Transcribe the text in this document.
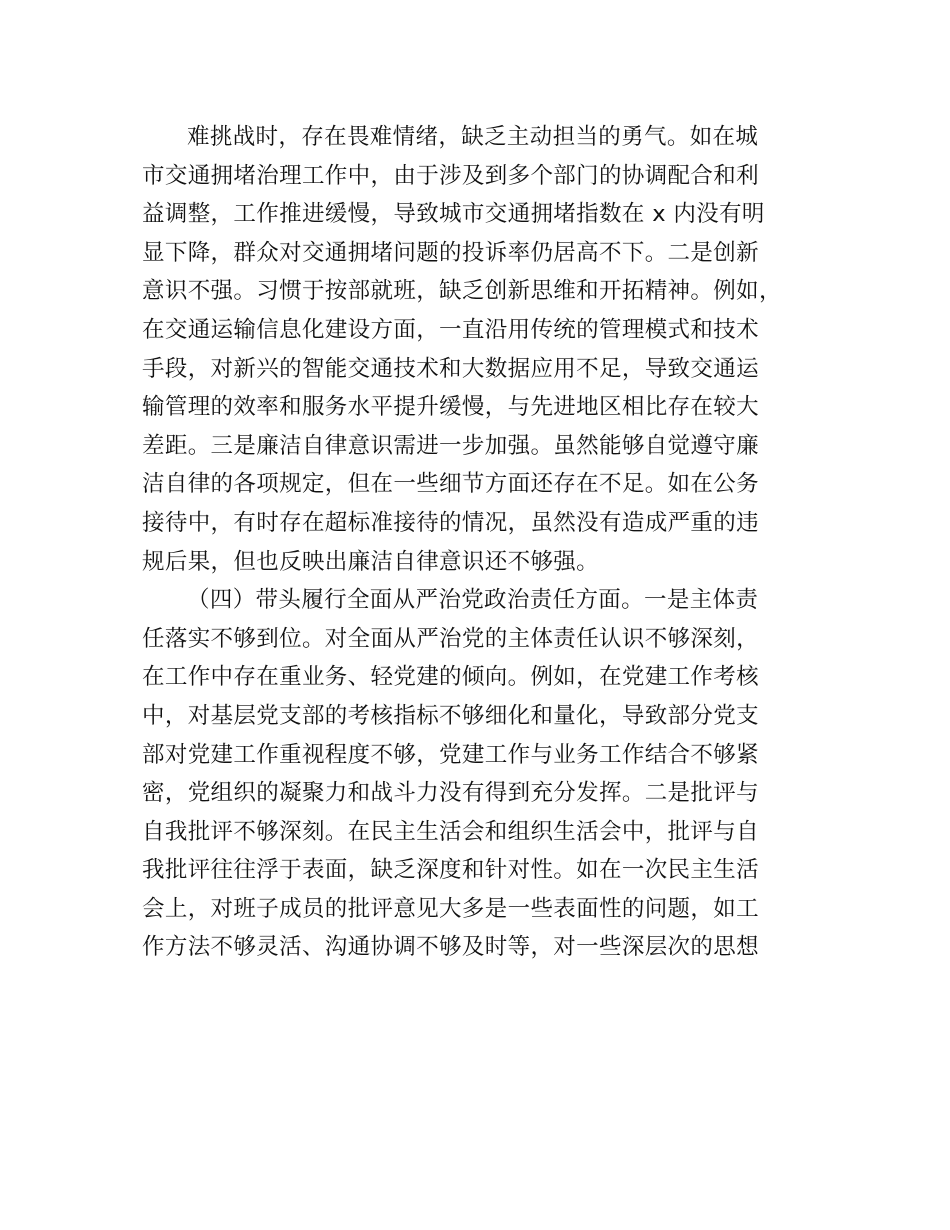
难挑战时，存在畏难情绪，缺乏主动担当的勇气。如在城
市交通拥堵治理工作中，由于涉及到多个部门的协调配合和利
益调整，工作推进缓慢，导致城市交通拥堵指数在 x 内没有明
显下降，群众对交通拥堵问题的投诉率仍居高不下。二是创新
意识不强。习惯于按部就班，缺乏创新思维和开拓精神。例如，
在交通运输信息化建设方面，一直沿用传统的管理模式和技术
手段，对新兴的智能交通技术和大数据应用不足，导致交通运
输管理的效率和服务水平提升缓慢，与先进地区相比存在较大
差距。三是廉洁自律意识需进一步加强。虽然能够自觉遵守廉
洁自律的各项规定，但在一些细节方面还存在不足。如在公务
接待中，有时存在超标准接待的情况，虽然没有造成严重的违
规后果，但也反映出廉洁自律意识还不够强。
（四）带头履行全面从严治党政治责任方面。一是主体责
任落实不够到位。对全面从严治党的主体责任认识不够深刻，
在工作中存在重业务、轻党建的倾向。例如，在党建工作考核
中，对基层党支部的考核指标不够细化和量化，导致部分党支
部对党建工作重视程度不够，党建工作与业务工作结合不够紧
密，党组织的凝聚力和战斗力没有得到充分发挥。二是批评与
自我批评不够深刻。在民主生活会和组织生活会中，批评与自
我批评往往浮于表面，缺乏深度和针对性。如在一次民主生活
会上，对班子成员的批评意见大多是一些表面性的问题，如工
作方法不够灵活、沟通协调不够及时等，对一些深层次的思想
